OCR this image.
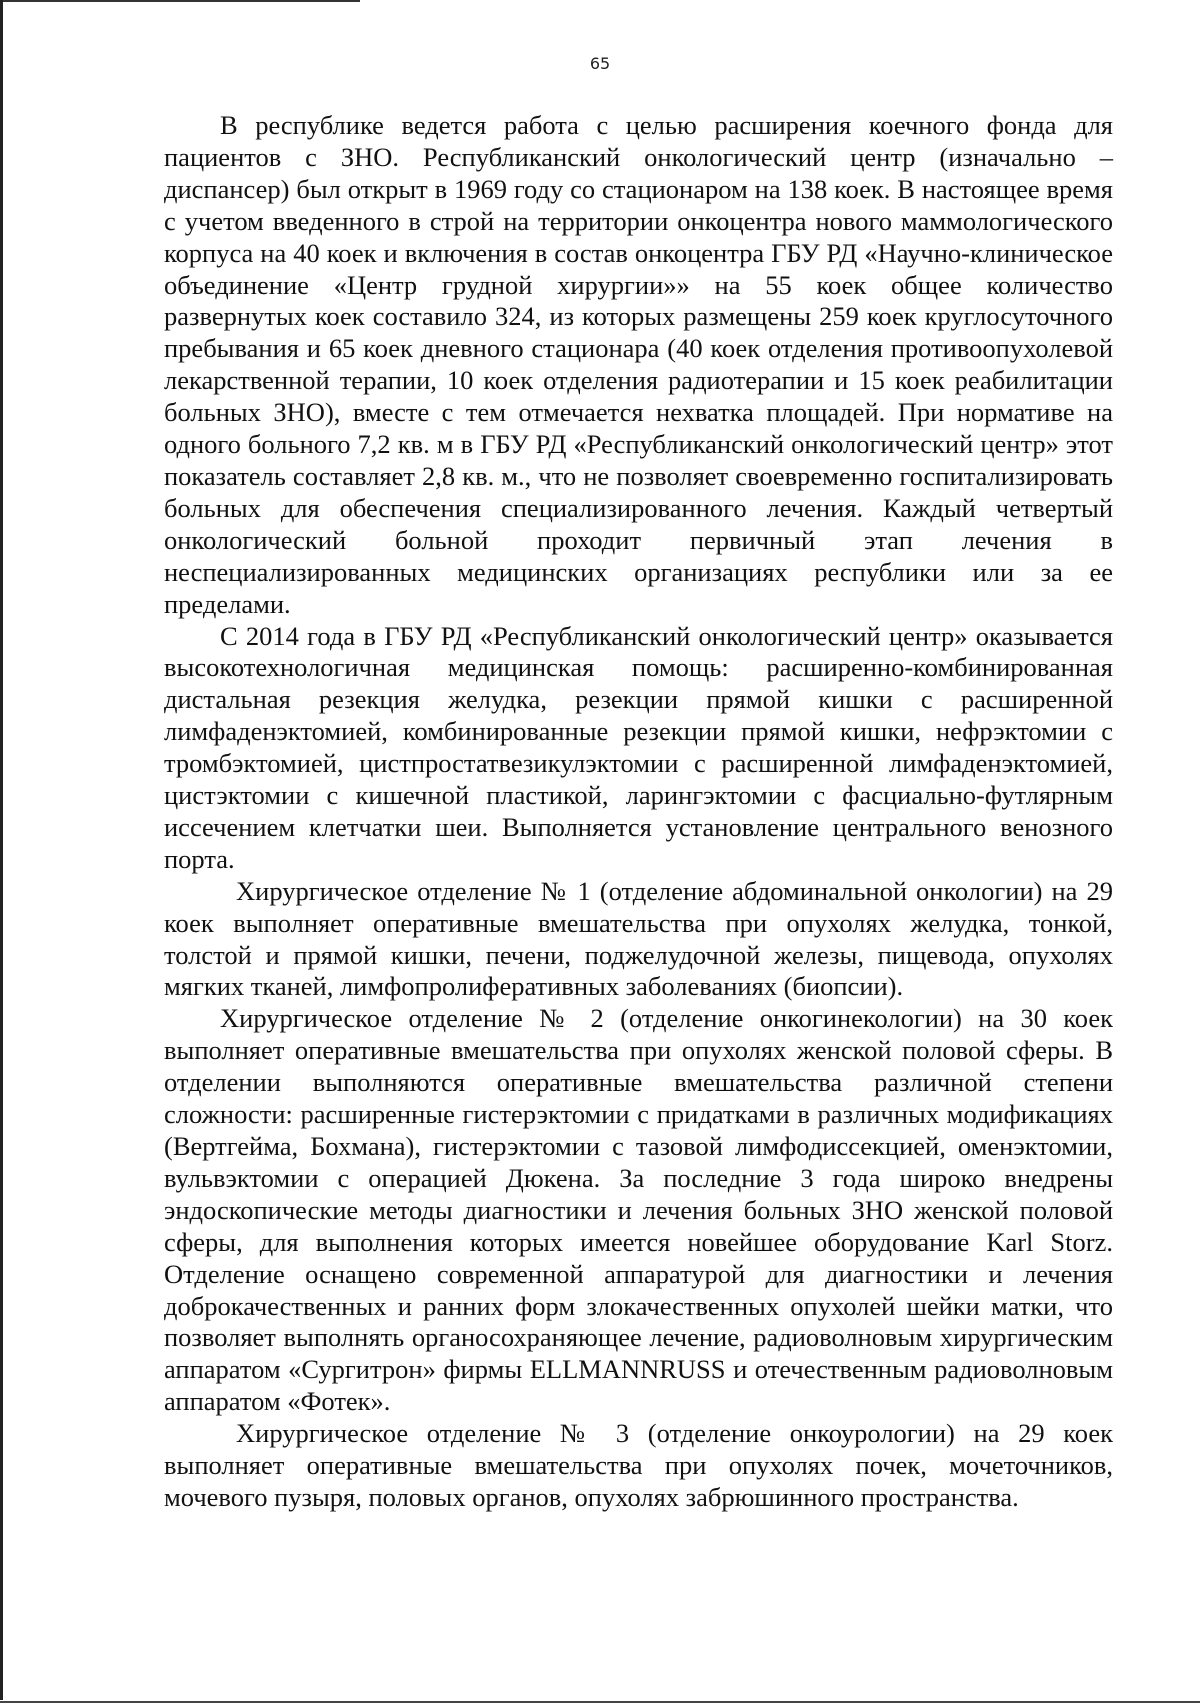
65

В республике ведется работа с целью расширения коечного фонда для пациентов с ЗНО. Республиканский онкологический центр (изначально – диспансер) был открыт в 1969 году со стационаром на 138 коек. В настоящее время с учетом введенного в строй на территории онкоцентра нового маммологического корпуса на 40 коек и включения в состав онкоцентра ГБУ РД «Научно-клиническое объединение «Центр грудной хирургии»» на 55 коек общее количество развернутых коек составило 324, из которых размещены 259 коек круглосуточного пребывания и 65 коек дневного стационара (40 коек отделения противоопухолевой лекарственной терапии, 10 коек отделения радиотерапии и 15 коек реабилитации больных ЗНО), вместе с тем отмечается нехватка площадей. При нормативе на одного больного 7,2 кв. м в ГБУ РД «Республиканский онкологический центр» этот показатель составляет 2,8 кв. м., что не позволяет своевременно госпитализировать больных для обеспечения специализированного лечения. Каждый четвертый онкологический больной проходит первичный этап лечения в неспециализированных медицинских организациях республики или за ее пределами.

С 2014 года в ГБУ РД «Республиканский онкологический центр» оказывается высокотехнологичная медицинская помощь: расширенно-комбинированная дистальная резекция желудка, резекции прямой кишки с расширенной лимфаденэктомией, комбинированные резекции прямой кишки, нефрэктомии с тромбэктомией, цистпростатвезикулэктомии с расширенной лимфаденэктомией, цистэктомии с кишечной пластикой, ларингэктомии с фасциально-футлярным иссечением клетчатки шеи. Выполняется установление центрального венозного порта.

Хирургическое отделение № 1 (отделение абдоминальной онкологии) на 29 коек выполняет оперативные вмешательства при опухолях желудка, тонкой, толстой и прямой кишки, печени, поджелудочной железы, пищевода, опухолях мягких тканей, лимфопролиферативных заболеваниях (биопсии).

Хирургическое отделение № 2 (отделение онкогинекологии) на 30 коек выполняет оперативные вмешательства при опухолях женской половой сферы. В отделении выполняются оперативные вмешательства различной степени сложности: расширенные гистерэктомии с придатками в различных модификациях (Вертгейма, Бохмана), гистерэктомии с тазовой лимфодиссекцией, оменэктомии, вульвэктомии с операцией Дюкена. За последние 3 года широко внедрены эндоскопические методы диагностики и лечения больных ЗНО женской половой сферы, для выполнения которых имеется новейшее оборудование Karl Storz. Отделение оснащено современной аппаратурой для диагностики и лечения доброкачественных и ранних форм злокачественных опухолей шейки матки, что позволяет выполнять органосохраняющее лечение, радиоволновым хирургическим аппаратом «Сургитрон» фирмы ELLMANNRUSS и отечественным радиоволновым аппаратом «Фотек».

Хирургическое отделение № 3 (отделение онкоурологии) на 29 коек выполняет оперативные вмешательства при опухолях почек, мочеточников, мочевого пузыря, половых органов, опухолях забрюшинного пространства.
